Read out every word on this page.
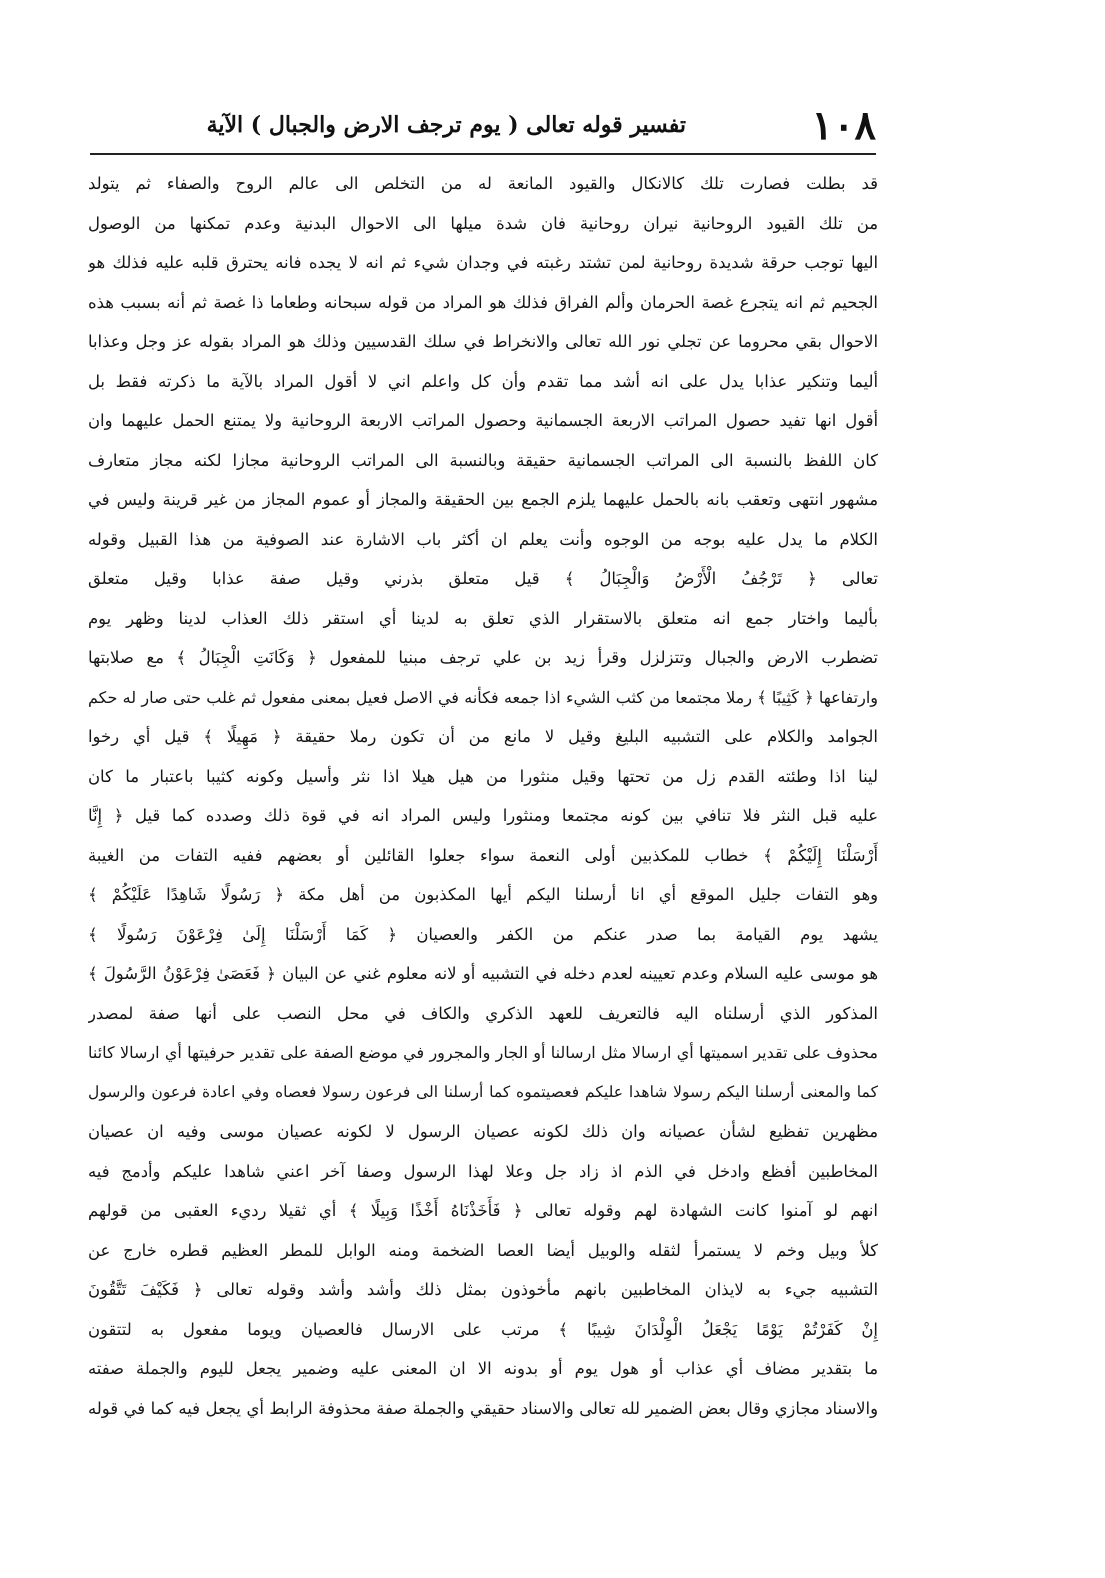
١٠٨
تفسير قوله تعالى ( يوم ترجف الارض والجبال ) الآية
قد بطلت فصارت تلك كالانكال والقيود المانعة له من التخلص الى عالم الروح والصفاء ثم يتولد
من تلك القيود الروحانية نيران روحانية فان شدة ميلها الى الاحوال البدنية وعدم تمكنها من الوصول
اليها توجب حرقة شديدة روحانية لمن تشتد رغبته في وجدان شيء ثم انه لا يجده فانه يحترق قلبه عليه فذلك هو
الجحيم ثم انه يتجرع غصة الحرمان وألم الفراق فذلك هو المراد من قوله سبحانه وطعاما ذا غصة ثم أنه بسبب هذه
الاحوال بقي محروما عن تجلي نور الله تعالى والانخراط في سلك القدسيين وذلك هو المراد بقوله عز وجل وعذابا
أليما وتنكير عذابا يدل على انه أشد مما تقدم وأن كل واعلم اني لا أقول المراد بالآية ما ذكرته فقط بل
أقول انها تفيد حصول المراتب الاربعة الجسمانية وحصول المراتب الاربعة الروحانية ولا يمتنع الحمل عليهما وان
كان اللفظ بالنسبة الى المراتب الجسمانية حقيقة وبالنسبة الى المراتب الروحانية مجازا لكنه مجاز متعارف
مشهور انتهى وتعقب بانه بالحمل عليهما يلزم الجمع بين الحقيقة والمجاز أو عموم المجاز من غير قرينة وليس في
الكلام ما يدل عليه بوجه من الوجوه وأنت يعلم ان أكثر باب الاشارة عند الصوفية من هذا القبيل وقوله
تعالى ﴿ تَرْجُفُ الْأَرْضُ وَالْجِبَالُ ﴾ قيل متعلق بذرني وقيل صفة عذابا وقيل متعلق
بأليما واختار جمع انه متعلق بالاستقرار الذي تعلق به لدينا أي استقر ذلك العذاب لدينا وظهر يوم
تضطرب الارض والجبال وتتزلزل وقرأ زيد بن علي ترجف مبنيا للمفعول ﴿ وَكَانَتِ الْجِبَالُ ﴾ مع صلابتها
وارتفاعها ﴿ كَثِيبًا ﴾ رملا مجتمعا من كثب الشيء اذا جمعه فكأنه في الاصل فعيل بمعنى مفعول ثم غلب حتى صار له حكم
الجوامد والكلام على التشبيه البليغ وقيل لا مانع من أن تكون رملا حقيقة ﴿ مَهِيلًا ﴾ قيل أي رخوا
لينا اذا وطئته القدم زل من تحتها وقيل منثورا من هيل هيلا اذا نثر وأسيل وكونه كثيبا باعتبار ما كان
عليه قبل النثر فلا تنافي بين كونه مجتمعا ومنثورا وليس المراد انه في قوة ذلك وصدده كما قيل ﴿ إِنَّا
أَرْسَلْنَا إِلَيْكُمْ ﴾ خطاب للمكذبين أولى النعمة سواء جعلوا القائلين أو بعضهم ففيه التفات من الغيبة
وهو التفات جليل الموقع أي انا أرسلنا اليكم أيها المكذبون من أهل مكة ﴿ رَسُولًا شَاهِدًا عَلَيْكُمْ ﴾
يشهد يوم القيامة بما صدر عنكم من الكفر والعصيان ﴿ كَمَا أَرْسَلْنَا إِلَىٰ فِرْعَوْنَ رَسُولًا ﴾
هو موسى عليه السلام وعدم تعيينه لعدم دخله في التشبيه أو لانه معلوم غني عن البيان ﴿ فَعَصَىٰ فِرْعَوْنُ الرَّسُولَ ﴾
المذكور الذي أرسلناه اليه فالتعريف للعهد الذكري والكاف في محل النصب على أنها صفة لمصدر
محذوف على تقدير اسميتها أي ارسالا مثل ارسالنا أو الجار والمجرور في موضع الصفة على تقدير حرفيتها أي ارسالا كائنا
كما والمعنى أرسلنا اليكم رسولا شاهدا عليكم فعصيتموه كما أرسلنا الى فرعون رسولا فعصاه وفي اعادة فرعون والرسول
مظهرين تفظيع لشأن عصيانه وان ذلك لكونه عصيان الرسول لا لكونه عصيان موسى وفيه ان عصيان
المخاطبين أفظع وادخل في الذم اذ زاد جل وعلا لهذا الرسول وصفا آخر اعني شاهدا عليكم وأدمج فيه
انهم لو آمنوا كانت الشهادة لهم وقوله تعالى ﴿ فَأَخَذْنَاهُ أَخْذًا وَبِيلًا ﴾ أي ثقيلا رديء العقبى من قولهم
كلأ وبيل وخم لا يستمرأ لثقله والوبيل أيضا العصا الضخمة ومنه الوابل للمطر العظيم قطره خارج عن
التشبيه جيء به لايذان المخاطبين بانهم مأخوذون بمثل ذلك وأشد وأشد وقوله تعالى ﴿ فَكَيْفَ تَتَّقُونَ
إِنْ كَفَرْتُمْ يَوْمًا يَجْعَلُ الْوِلْدَانَ شِيبًا ﴾ مرتب على الارسال فالعصيان ويوما مفعول به لتتقون
ما بتقدير مضاف أي عذاب أو هول يوم أو بدونه الا ان المعنى عليه وضمير يجعل لليوم والجملة صفته
والاسناد مجازي وقال بعض الضمير لله تعالى والاسناد حقيقي والجملة صفة محذوفة الرابط أي يجعل فيه كما في قوله
